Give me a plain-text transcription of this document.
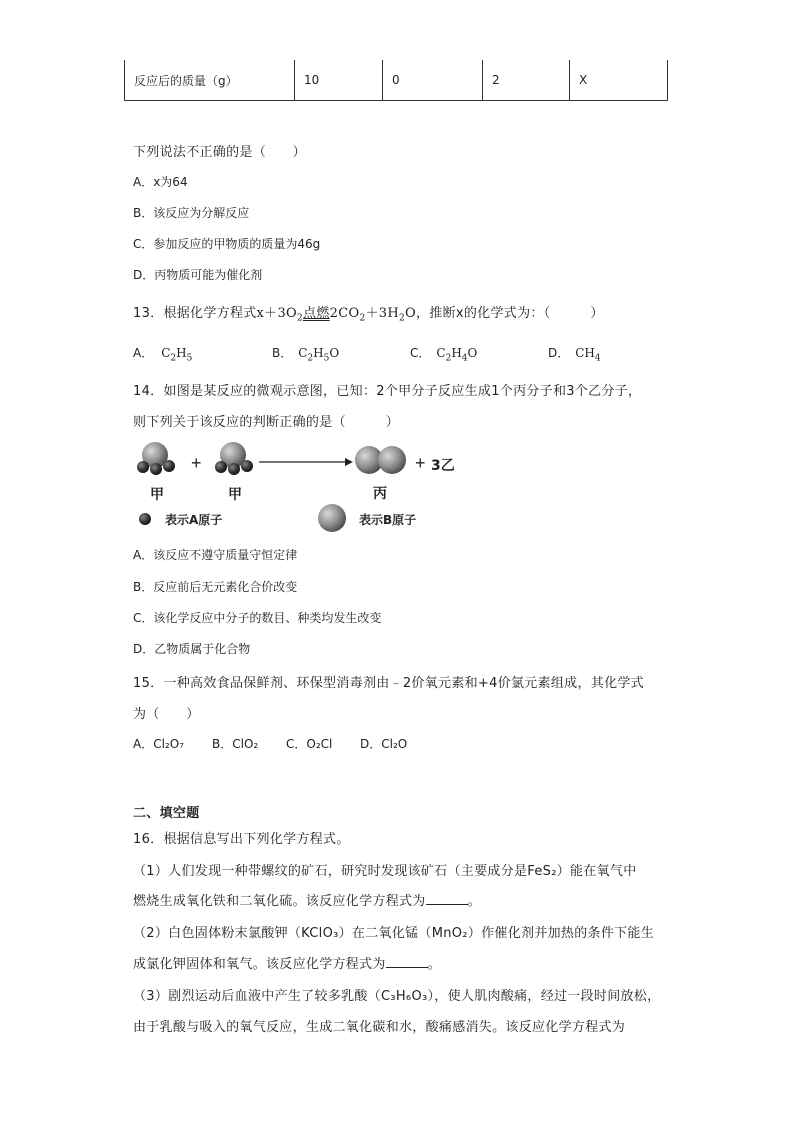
反应后的质量（g）	10	0	2	X
下列说法不正确的是（　　）
A．x为64
B．该反应为分解反应
C．参加反应的甲物质的质量为46g
D．丙物质可能为催化剂
13．根据化学方程式$x+3O_2$点燃$2CO_2+3H_2O$，推断x的化学式为：（　　　）
A． $C_2H_5$	B． $C_2H_5O$	C． $C_2H_4O$	D． $CH_4$
14．如图是某反应的微观示意图，已知：2个甲分子反应生成1个丙分子和3个乙分子，
则下列关于该反应的判断正确的是（　　　）
+	+ 3乙
甲	甲	丙
表示A原子	表示B原子
A．该反应不遵守质量守恒定律
B．反应前后无元素化合价改变
C．该化学反应中分子的数目、种类均发生改变
D．乙物质属于化合物
15．一种高效食品保鲜剂、环保型消毒剂由﹣2价氧元素和+4价氯元素组成，其化学式
为（　　）
A．Cl₂O₇ B．ClO₂ C．O₂Cl D．Cl₂O
二、填空题
16．根据信息写出下列化学方程式。
（1）人们发现一种带螺纹的矿石，研究时发现该矿石（主要成分是FeS₂）能在氧气中
燃烧生成氧化铁和二氧化硫。该反应化学方程式为	。
（2）白色固体粉末氯酸钾（KClO₃）在二氧化锰（MnO₂）作催化剂并加热的条件下能生
成氯化钾固体和氧气。该反应化学方程式为	。
（3）剧烈运动后血液中产生了较多乳酸（C₃H₆O₃），使人肌肉酸痛，经过一段时间放松，
由于乳酸与吸入的氧气反应，生成二氧化碳和水，酸痛感消失。该反应化学方程式为
